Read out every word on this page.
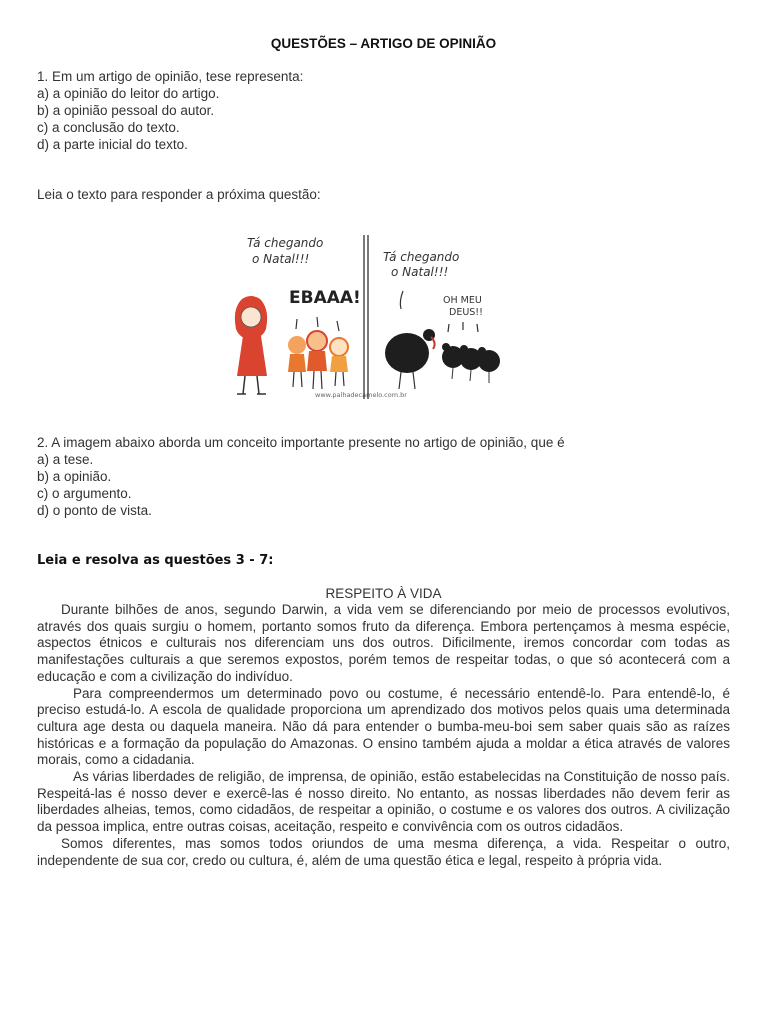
QUESTÕES – ARTIGO DE OPINIÃO
1. Em um artigo de opinião, tese representa:
a) a opinião do leitor do artigo.
b) a opinião pessoal do autor.
c) a conclusão do texto.
d) a parte inicial do texto.
Leia o texto para responder a próxima questão:
2. A imagem abaixo aborda um conceito importante presente no artigo de opinião, que é
a) a tese.
b) a opinião.
c) o argumento.
d) o ponto de vista.
Leia e resolva as questões 3 - 7:
RESPEITO À VIDA

Durante bilhões de anos, segundo Darwin, a vida vem se diferenciando por meio de processos evolutivos, através dos quais surgiu o homem, portanto somos fruto da diferença. Embora pertençamos à mesma espécie, aspectos étnicos e culturais nos diferenciam uns dos outros. Dificilmente, iremos concordar com todas as manifestações culturais a que seremos expostos, porém temos de respeitar todas, o que só acontecerá com a educação e com a civilização do indivíduo.

Para compreendermos um determinado povo ou costume, é necessário entendê-lo. Para entendê-lo, é preciso estudá-lo. A escola de qualidade proporciona um aprendizado dos motivos pelos quais uma determinada cultura age desta ou daquela maneira. Não dá para entender o bumba-meu-boi sem saber quais são as raízes históricas e a formação da população do Amazonas. O ensino também ajuda a moldar a ética através de valores morais, como a cidadania.

As várias liberdades de religião, de imprensa, de opinião, estão estabelecidas na Constituição de nosso país. Respeitá-las é nosso dever e exercê-las é nosso direito. No entanto, as nossas liberdades não devem ferir as liberdades alheias, temos, como cidadãos, de respeitar a opinião, o costume e os valores dos outros. A civilização da pessoa implica, entre outras coisas, aceitação, respeito e convivência com os outros cidadãos.

Somos diferentes, mas somos todos oriundos de uma mesma diferença, a vida. Respeitar o outro, independente de sua cor, credo ou cultura, é, além de uma questão ética e legal, respeito à própria vida.

Tá chegando
o Natal!!!
EBAAA!
www.palhadecamelo.com.br
Tá chegando
o Natal!!!
OH MEU
DEUS!!
